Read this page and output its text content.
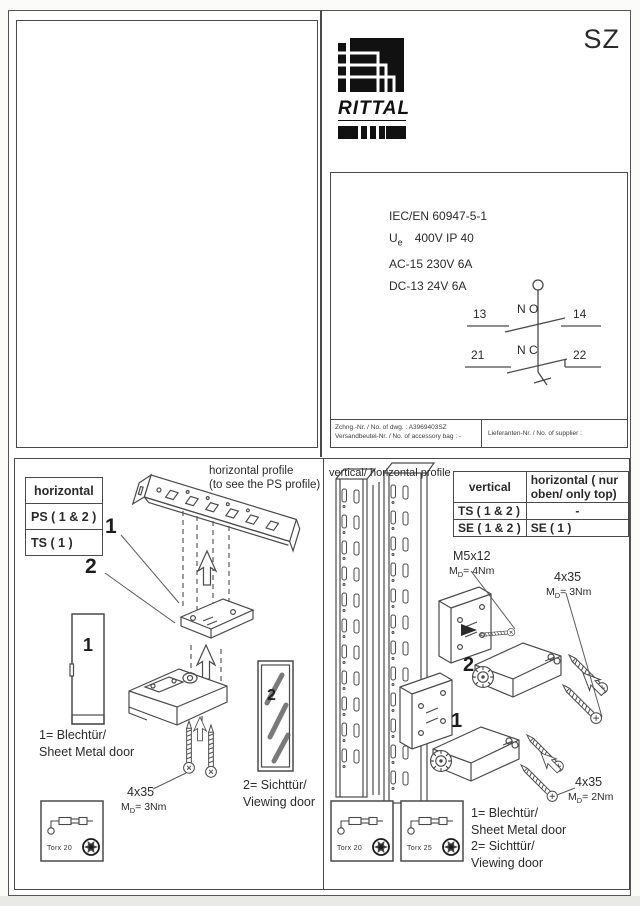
RITTAL
SZ
IEC/EN 60947-5-1
$U_e$ 400V IP 40
AC-15 230V 6A
DC-13 24V 6A
N O
13	14
N C
21	22
Zchng.-Nr. / No. of dwg. : A3969403SZ
Versandbeutel-Nr. / No. of accessory bag : -	Lieferanten-Nr. / No. of supplier :
horizontal
PS ( 1 & 2 )
TS ( 1 )
horizontal profile
(to see the PS profile)
1
2
1
2
1= Blechtür/
Sheet Metal door
4x35
$M_D= 3Nm$
2= Sichttür/
Viewing door
Torx 20
vertical/ horizontal profile
vertical	horizontal ( nur oben/ only top)
TS ( 1 & 2 )	-
SE ( 1 & 2 )	SE ( 1 )
M5x12
$M_D= 4Nm$	4x35
$M_D= 3Nm$
2
1
4x35
$M_D= 2Nm$
Torx 20	Torx 25
1= Blechtür/
Sheet Metal door
2= Sichttür/
Viewing door
